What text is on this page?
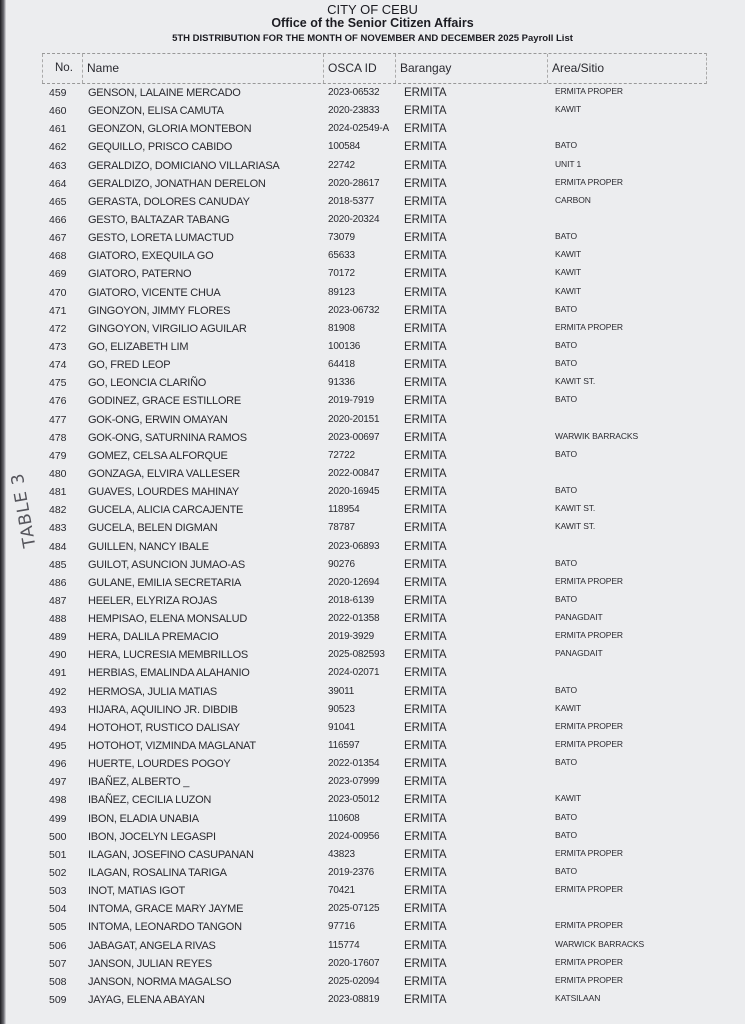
CITY OF CEBU
Office of the Senior Citizen Affairs
5TH DISTRIBUTION FOR THE MONTH OF NOVEMBER AND DECEMBER 2025 Payroll List
No.	Name	OSCA ID	Barangay	Area/Sitio
459 GENSON, LALAINE MERCADO	2023-06532 ERMITA	ERMITA PROPER
460 GEONZON, ELISA CAMUTA	2020-23833 ERMITA	KAWIT
461 GEONZON, GLORIA MONTEBON	2024-02549-A ERMITA
462 GEQUILLO, PRISCO CABIDO	100584	ERMITA	BATO
463 GERALDIZO, DOMICIANO VILLARIASA	22742	ERMITA	UNIT 1
464 GERALDIZO, JONATHAN DERELON	2020-28617 ERMITA	ERMITA PROPER
465 GERASTA, DOLORES CANUDAY	2018-5377	ERMITA	CARBON
466 GESTO, BALTAZAR TABANG	2020-20324 ERMITA
467 GESTO, LORETA LUMACTUD	73079	ERMITA	BATO
468 GIATORO, EXEQUILA GO	65633	ERMITA	KAWIT
469 GIATORO, PATERNO	70172	ERMITA	KAWIT
470 GIATORO, VICENTE CHUA	89123	ERMITA	KAWIT
471 GINGOYON, JIMMY FLORES	2023-06732 ERMITA	BATO
472 GINGOYON, VIRGILIO AGUILAR	81908	ERMITA	ERMITA PROPER
473 GO, ELIZABETH LIM	100136	ERMITA	BATO
474 GO, FRED LEOP	64418	ERMITA	BATO
475 GO, LEONCIA CLARIÑO	91336	ERMITA	KAWIT ST.
476 GODINEZ, GRACE ESTILLORE	2019-7919	ERMITA	BATO
477 GOK-ONG, ERWIN OMAYAN	2020-20151 ERMITA
478 GOK-ONG, SATURNINA RAMOS	2023-00697 ERMITA	WARWIK BARRACKS
479 GOMEZ, CELSA ALFORQUE	72722	ERMITA	BATO
480 GONZAGA, ELVIRA VALLESER	2022-00847 ERMITA
481 GUAVES, LOURDES MAHINAY	2020-16945 ERMITA	BATO
482 GUCELA, ALICIA CARCAJENTE	118954	ERMITA	KAWIT ST.
483 GUCELA, BELEN DIGMAN	78787	ERMITA	KAWIT ST.
484 GUILLEN, NANCY IBALE	2023-06893 ERMITA
485 GUILOT, ASUNCION JUMAO-AS	90276	ERMITA	BATO
486 GULANE, EMILIA SECRETARIA	2020-12694 ERMITA	ERMITA PROPER
487 HEELER, ELYRIZA ROJAS	2018-6139	ERMITA	BATO
488 HEMPISAO, ELENA MONSALUD	2022-01358 ERMITA	PANAGDAIT
489 HERA, DALILA PREMACIO	2019-3929	ERMITA	ERMITA PROPER
490 HERA, LUCRESIA MEMBRILLOS	2025-082593 ERMITA	PANAGDAIT
491 HERBIAS, EMALINDA ALAHANIO	2024-02071 ERMITA
492 HERMOSA, JULIA MATIAS	39011	ERMITA	BATO
493 HIJARA, AQUILINO JR. DIBDIB	90523	ERMITA	KAWIT
494 HOTOHOT, RUSTICO DALISAY	91041	ERMITA	ERMITA PROPER
495 HOTOHOT, VIZMINDA MAGLANAT	116597	ERMITA	ERMITA PROPER
496 HUERTE, LOURDES POGOY	2022-01354 ERMITA	BATO
497 IBAÑEZ, ALBERTO _	2023-07999 ERMITA
498 IBAÑEZ, CECILIA LUZON	2023-05012 ERMITA	KAWIT
499 IBON, ELADIA UNABIA	110608	ERMITA	BATO
500 IBON, JOCELYN LEGASPI	2024-00956 ERMITA	BATO
501 ILAGAN, JOSEFINO CASUPANAN	43823	ERMITA	ERMITA PROPER
502 ILAGAN, ROSALINA TARIGA	2019-2376	ERMITA	BATO
503 INOT, MATIAS IGOT	70421	ERMITA	ERMITA PROPER
504 INTOMA, GRACE MARY JAYME	2025-07125 ERMITA
505 INTOMA, LEONARDO TANGON	97716	ERMITA	ERMITA PROPER
506 JABAGAT, ANGELA RIVAS	115774	ERMITA	WARWICK BARRACKS
507 JANSON, JULIAN REYES	2020-17607 ERMITA	ERMITA PROPER
508 JANSON, NORMA MAGALSO	2025-02094 ERMITA	ERMITA PROPER
509 JAYAG, ELENA ABAYAN	2023-08819 ERMITA	KATSILAAN
TABLE 3
